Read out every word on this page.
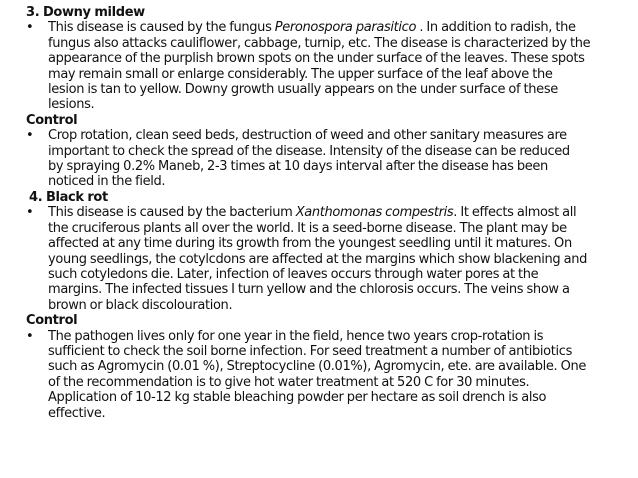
3. Downy mildew
•	This disease is caused by the fungus Peronospora parasitico . In addition to radish, the
fungus also attacks cauliflower, cabbage, turnip, etc. The disease is characterized by the
appearance of the purplish brown spots on the under surface of the leaves. These spots
may remain small or enlarge considerably. The upper surface of the leaf above the
lesion is tan to yellow. Downy growth usually appears on the under surface of these
lesions.
Control
•	Crop rotation, clean seed beds, destruction of weed and other sanitary measures are
important to check the spread of the disease. Intensity of the disease can be reduced
by spraying 0.2% Maneb, 2-3 times at 10 days interval after the disease has been
noticed in the field.
4. Black rot
•	This disease is caused by the bacterium Xanthomonas compestris. It effects almost all
the cruciferous plants all over the world. It is a seed-borne disease. The plant may be
affected at any time during its growth from the youngest seedling until it matures. On
young seedlings, the cotylcdons are affected at the margins which show blackening and
such cotyledons die. Later, infection of leaves occurs through water pores at the
margins. The infected tissues I turn yellow and the chlorosis occurs. The veins show a
brown or black discolouration.
Control
•	The pathogen lives only for one year in the field, hence two years crop-rotation is
sufficient to check the soil borne infection. For seed treatment a number of antibiotics
such as Agromycin (0.01 %), Streptocycline (0.01%), Agromycin, ete. are available. One
of the recommendation is to give hot water treatment at 520 C for 30 minutes.
Application of 10-12 kg stable bleaching powder per hectare as soil drench is also
effective.
